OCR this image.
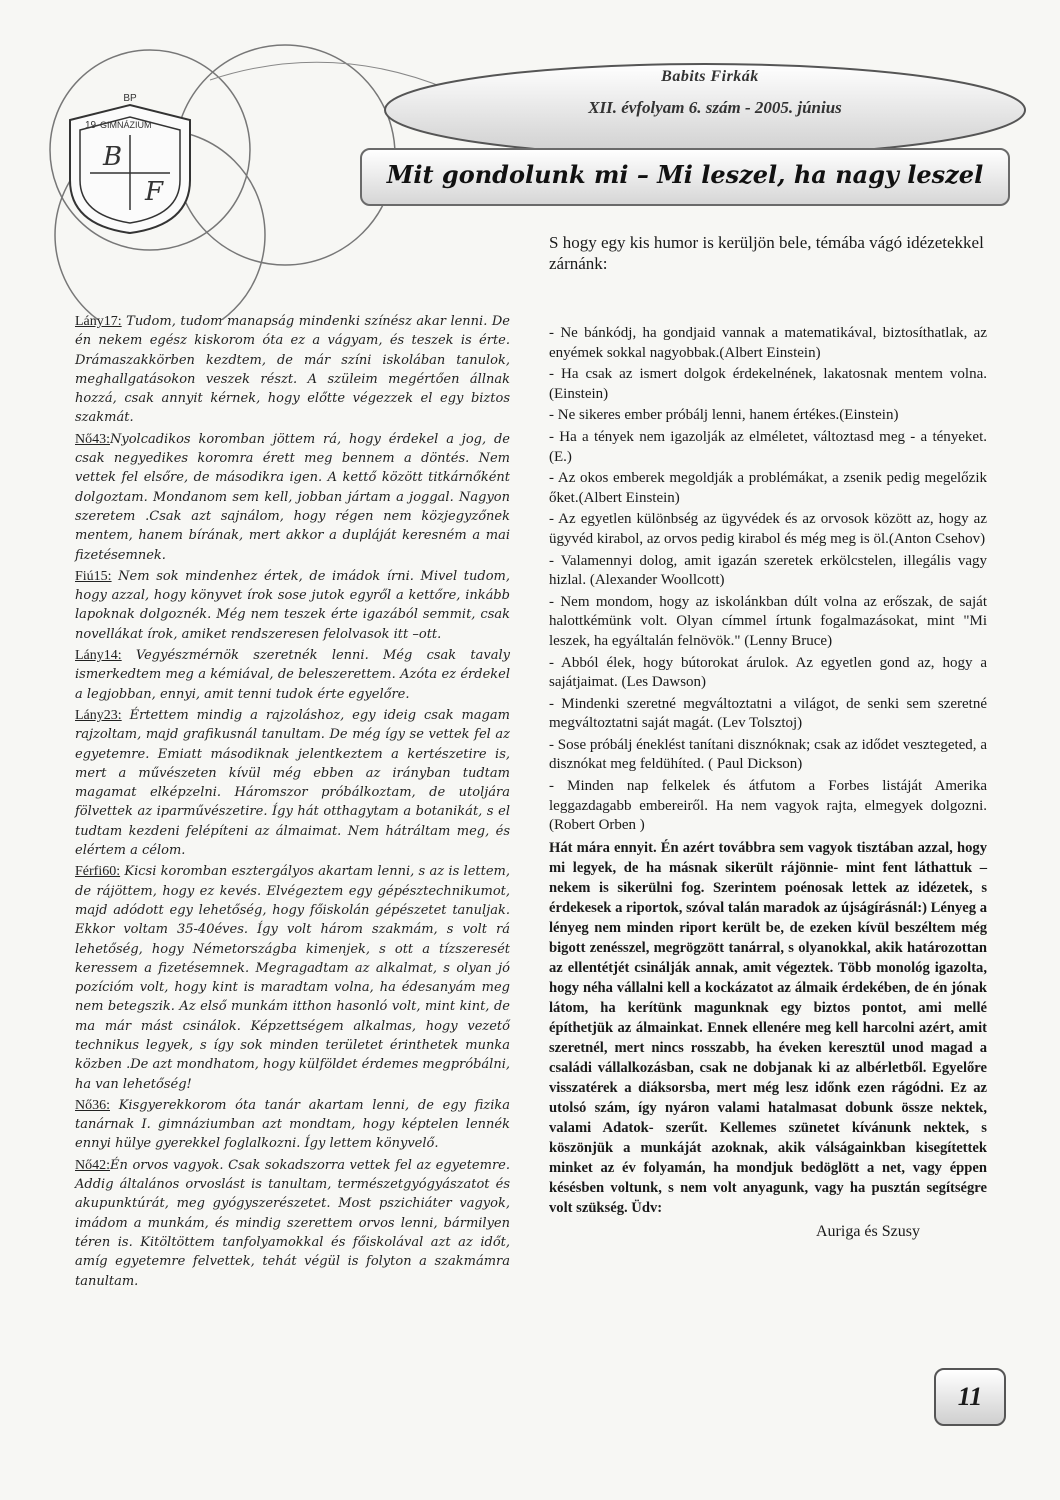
BP
19 GIMNÁZIUM
B
F
Babits Firkák
XII. évfolyam 6. szám - 2005. június
Mit gondolunk mi – Mi leszel, ha nagy leszel

Lány17: Tudom, tudom manapság mindenki színész akar lenni. De én nekem egész kiskorom óta ez a vágyam, és teszek is érte. Drámaszakkörben kezdtem, de már színi iskolában tanulok, meghallgatásokon veszek részt. A szüleim megértően állnak hozzá, csak annyit kérnek, hogy előtte végezzek el egy biztos szakmát.

Nő43:Nyolcadikos koromban jöttem rá, hogy érdekel a jog, de csak negyedikes koromra érett meg bennem a döntés. Nem vettek fel elsőre, de másodikra igen. A kettő között titkárnőként dolgoztam. Mondanom sem kell, jobban jártam a joggal. Nagyon szeretem .Csak azt sajnálom, hogy régen nem közjegyzőnek mentem, hanem bírának, mert akkor a dupláját keresném a mai fizetésemnek.

Fiú15: Nem sok mindenhez értek, de imádok írni. Mivel tudom, hogy azzal, hogy könyvet írok sose jutok egyről a kettőre, inkább lapoknak dolgoznék. Még nem teszek érte igazából semmit, csak novellákat írok, amiket rendszeresen felolvasok itt –ott.

Lány14: Vegyészmérnök szeretnék lenni. Még csak tavaly ismerkedtem meg a kémiával, de beleszerettem. Azóta ez érdekel a legjobban, ennyi, amit tenni tudok érte egyelőre.

Lány23: Értettem mindig a rajzoláshoz, egy ideig csak magam rajzoltam, majd grafikusnál tanultam. De még így se vettek fel az egyetemre. Emiatt másodiknak jelentkeztem a kertészetire is, mert a művészeten kívül még ebben az irányban tudtam magamat elképzelni. Háromszor próbálkoztam, de utoljára fölvettek az iparművészetire. Így hát otthagytam a botanikát, s el tudtam kezdeni felépíteni az álmaimat. Nem hátráltam meg, és elértem a célom.

Férfi60: Kicsi koromban esztergályos akartam lenni, s az is lettem, de rájöttem, hogy ez kevés. Elvégeztem egy gépésztechnikumot, majd adódott egy lehetőség, hogy főiskolán gépészetet tanuljak. Ekkor voltam 35-40éves. Így volt három szakmám, s volt rá lehetőség, hogy Németországba kimenjek, s ott a tízszeresét keressem a fizetésemnek. Megragadtam az alkalmat, s olyan jó pozícióm volt, hogy kint is maradtam volna, ha édesanyám meg nem betegszik. Az első munkám itthon hasonló volt, mint kint, de ma már mást csinálok. Képzettségem alkalmas, hogy vezető technikus legyek, s így sok minden területet érinthetek munka közben .De azt mondhatom, hogy külföldet érdemes megpróbálni, ha van lehetőség!

Nő36: Kisgyerekkorom óta tanár akartam lenni, de egy fizika tanárnak I. gimnáziumban azt mondtam, hogy képtelen lennék ennyi hülye gyerekkel foglalkozni. Így lettem könyvelő.

Nő42:Én orvos vagyok. Csak sokadszorra vettek fel az egyetemre. Addig általános orvoslást is tanultam, természetgyógyászatot és akupunktúrát, meg gyógyszerészetet. Most pszichiáter vagyok, imádom a munkám, és mindig szerettem orvos lenni, bármilyen téren is. Kitöltöttem tanfolyamokkal és főiskolával azt az időt, amíg egyetemre felvettek, tehát végül is folyton a szakmámra tanultam.

S hogy egy kis humor is kerüljön bele, témába vágó idézetekkel zárnánk:

- Ne bánkódj, ha gondjaid vannak a matematikával, biztosíthatlak, az enyémek sokkal nagyobbak.(Albert Einstein)

- Ha csak az ismert dolgok érdekelnének, lakatosnak mentem volna.(Einstein)

- Ne sikeres ember próbálj lenni, hanem értékes.(Einstein)

- Ha a tények nem igazolják az elméletet, változtasd meg - a tényeket.(E.)

- Az okos emberek megoldják a problémákat, a zsenik pedig megelőzik őket.(Albert Einstein)

- Az egyetlen különbség az ügyvédek és az orvosok között az, hogy az ügyvéd kirabol, az orvos pedig kirabol és még meg is öl.(Anton Csehov)

- Valamennyi dolog, amit igazán szeretek erkölcstelen, illegális vagy hizlal. (Alexander Woollcott)

- Nem mondom, hogy az iskolánkban dúlt volna az erőszak, de saját halottkémünk volt. Olyan címmel írtunk fogalmazásokat, mint "Mi leszek, ha egyáltalán felnövök." (Lenny Bruce)

- Abból élek, hogy bútorokat árulok. Az egyetlen gond az, hogy a sajátjaimat. (Les Dawson)

- Mindenki szeretné megváltoztatni a világot, de senki sem szeretné megváltoztatni saját magát. (Lev Tolsztoj)

- Sose próbálj éneklést tanítani disznóknak; csak az idődet vesztegeted, a disznókat meg feldühíted. ( Paul Dickson)

- Minden nap felkelek és átfutom a Forbes listáját Amerika leggazdagabb embereiről. Ha nem vagyok rajta, elmegyek dolgozni. (Robert Orben )

Hát mára ennyit. Én azért továbbra sem vagyok tisztában azzal, hogy mi legyek, de ha másnak sikerült rájönnie- mint fent láthattuk – nekem is sikerülni fog. Szerintem poénosak lettek az idézetek, s érdekesek a riportok, szóval talán maradok az újságírásnál:) Lényeg a lényeg nem minden riport került be, de ezeken kívül beszéltem még bigott zenésszel, megrögzött tanárral, s olyanokkal, akik határozottan az ellentétjét csinálják annak, amit végeztek. Több monológ igazolta, hogy néha vállalni kell a kockázatot az álmaik érdekében, de én jónak látom, ha kerítünk magunknak egy biztos pontot, ami mellé építhetjük az álmainkat. Ennek ellenére meg kell harcolni azért, amit szeretnél, mert nincs rosszabb, ha éveken keresztül unod magad a családi vállalkozásban, csak ne dobjanak ki az albérletből. Egyelőre visszatérek a diáksorsba, mert még lesz időnk ezen rágódni. Ez az utolsó szám, így nyáron valami hatalmasat dobunk össze nektek, valami Adatok- szerűt. Kellemes szünetet kívánunk nektek, s köszönjük a munkáját azoknak, akik válságainkban kisegítettek minket az év folyamán, ha mondjuk bedöglött a net, vagy éppen késésben voltunk, s nem volt anyagunk, vagy ha pusztán segítségre volt szükség. Üdv:

Auriga és Szusy
11
